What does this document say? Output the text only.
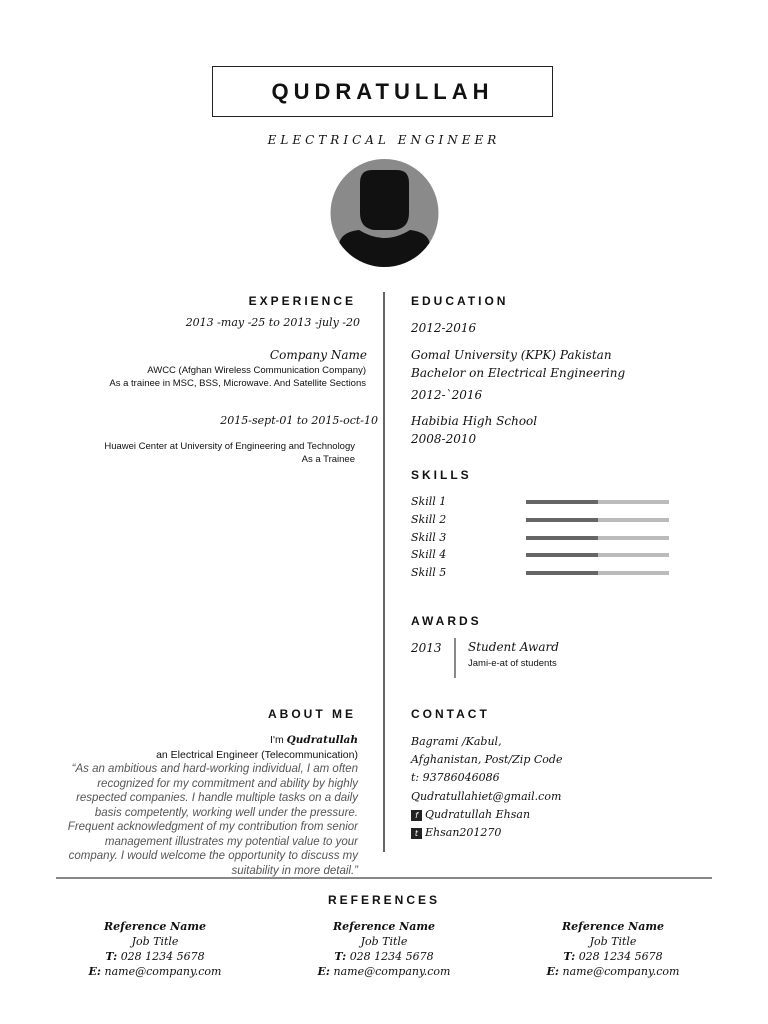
QUDRATULLAH
ELECTRICAL ENGINEER
EXPERIENCE
2013 -may -25 to 2013 -july -20
Company Name
AWCC (Afghan Wireless Communication Company)
As a trainee in MSC, BSS, Microwave. And Satellite Sections
2015-sept-01 to 2015-oct-10
Huawei Center at University of Engineering and Technology
As a Trainee
EDUCATION
2012-2016
Gomal University (KPK) Pakistan
Bachelor on Electrical Engineering
2012-`2016
Habibia High School
2008-2010
SKILLS
Skill 1
Skill 2
Skill 3
Skill 4
Skill 5
AWARDS
2013 Student Award
Jami-e-at of students
ABOUT ME
I'm Qudratullah
an Electrical Engineer (Telecommunication)
“As an ambitious and hard-working individual, I am often recognized for my commitment and ability by highly respected companies. I handle multiple tasks on a daily basis competently, working well under the pressure. Frequent acknowledgment of my contribution from senior management illustrates my potential value to your company. I would welcome the opportunity to discuss my suitability in more detail.”
CONTACT
Bagrami /Kabul,
Afghanistan, Post/Zip Code
t: 93786046086
Qudratullahiet@gmail.com
f Qudratullah Ehsan
t Ehsan201270
REFERENCES
Reference Name
Job Title
T: 028 1234 5678
E: name@company.com
Reference Name
Job Title
T: 028 1234 5678
E: name@company.com
Reference Name
Job Title
T: 028 1234 5678
E: name@company.com
